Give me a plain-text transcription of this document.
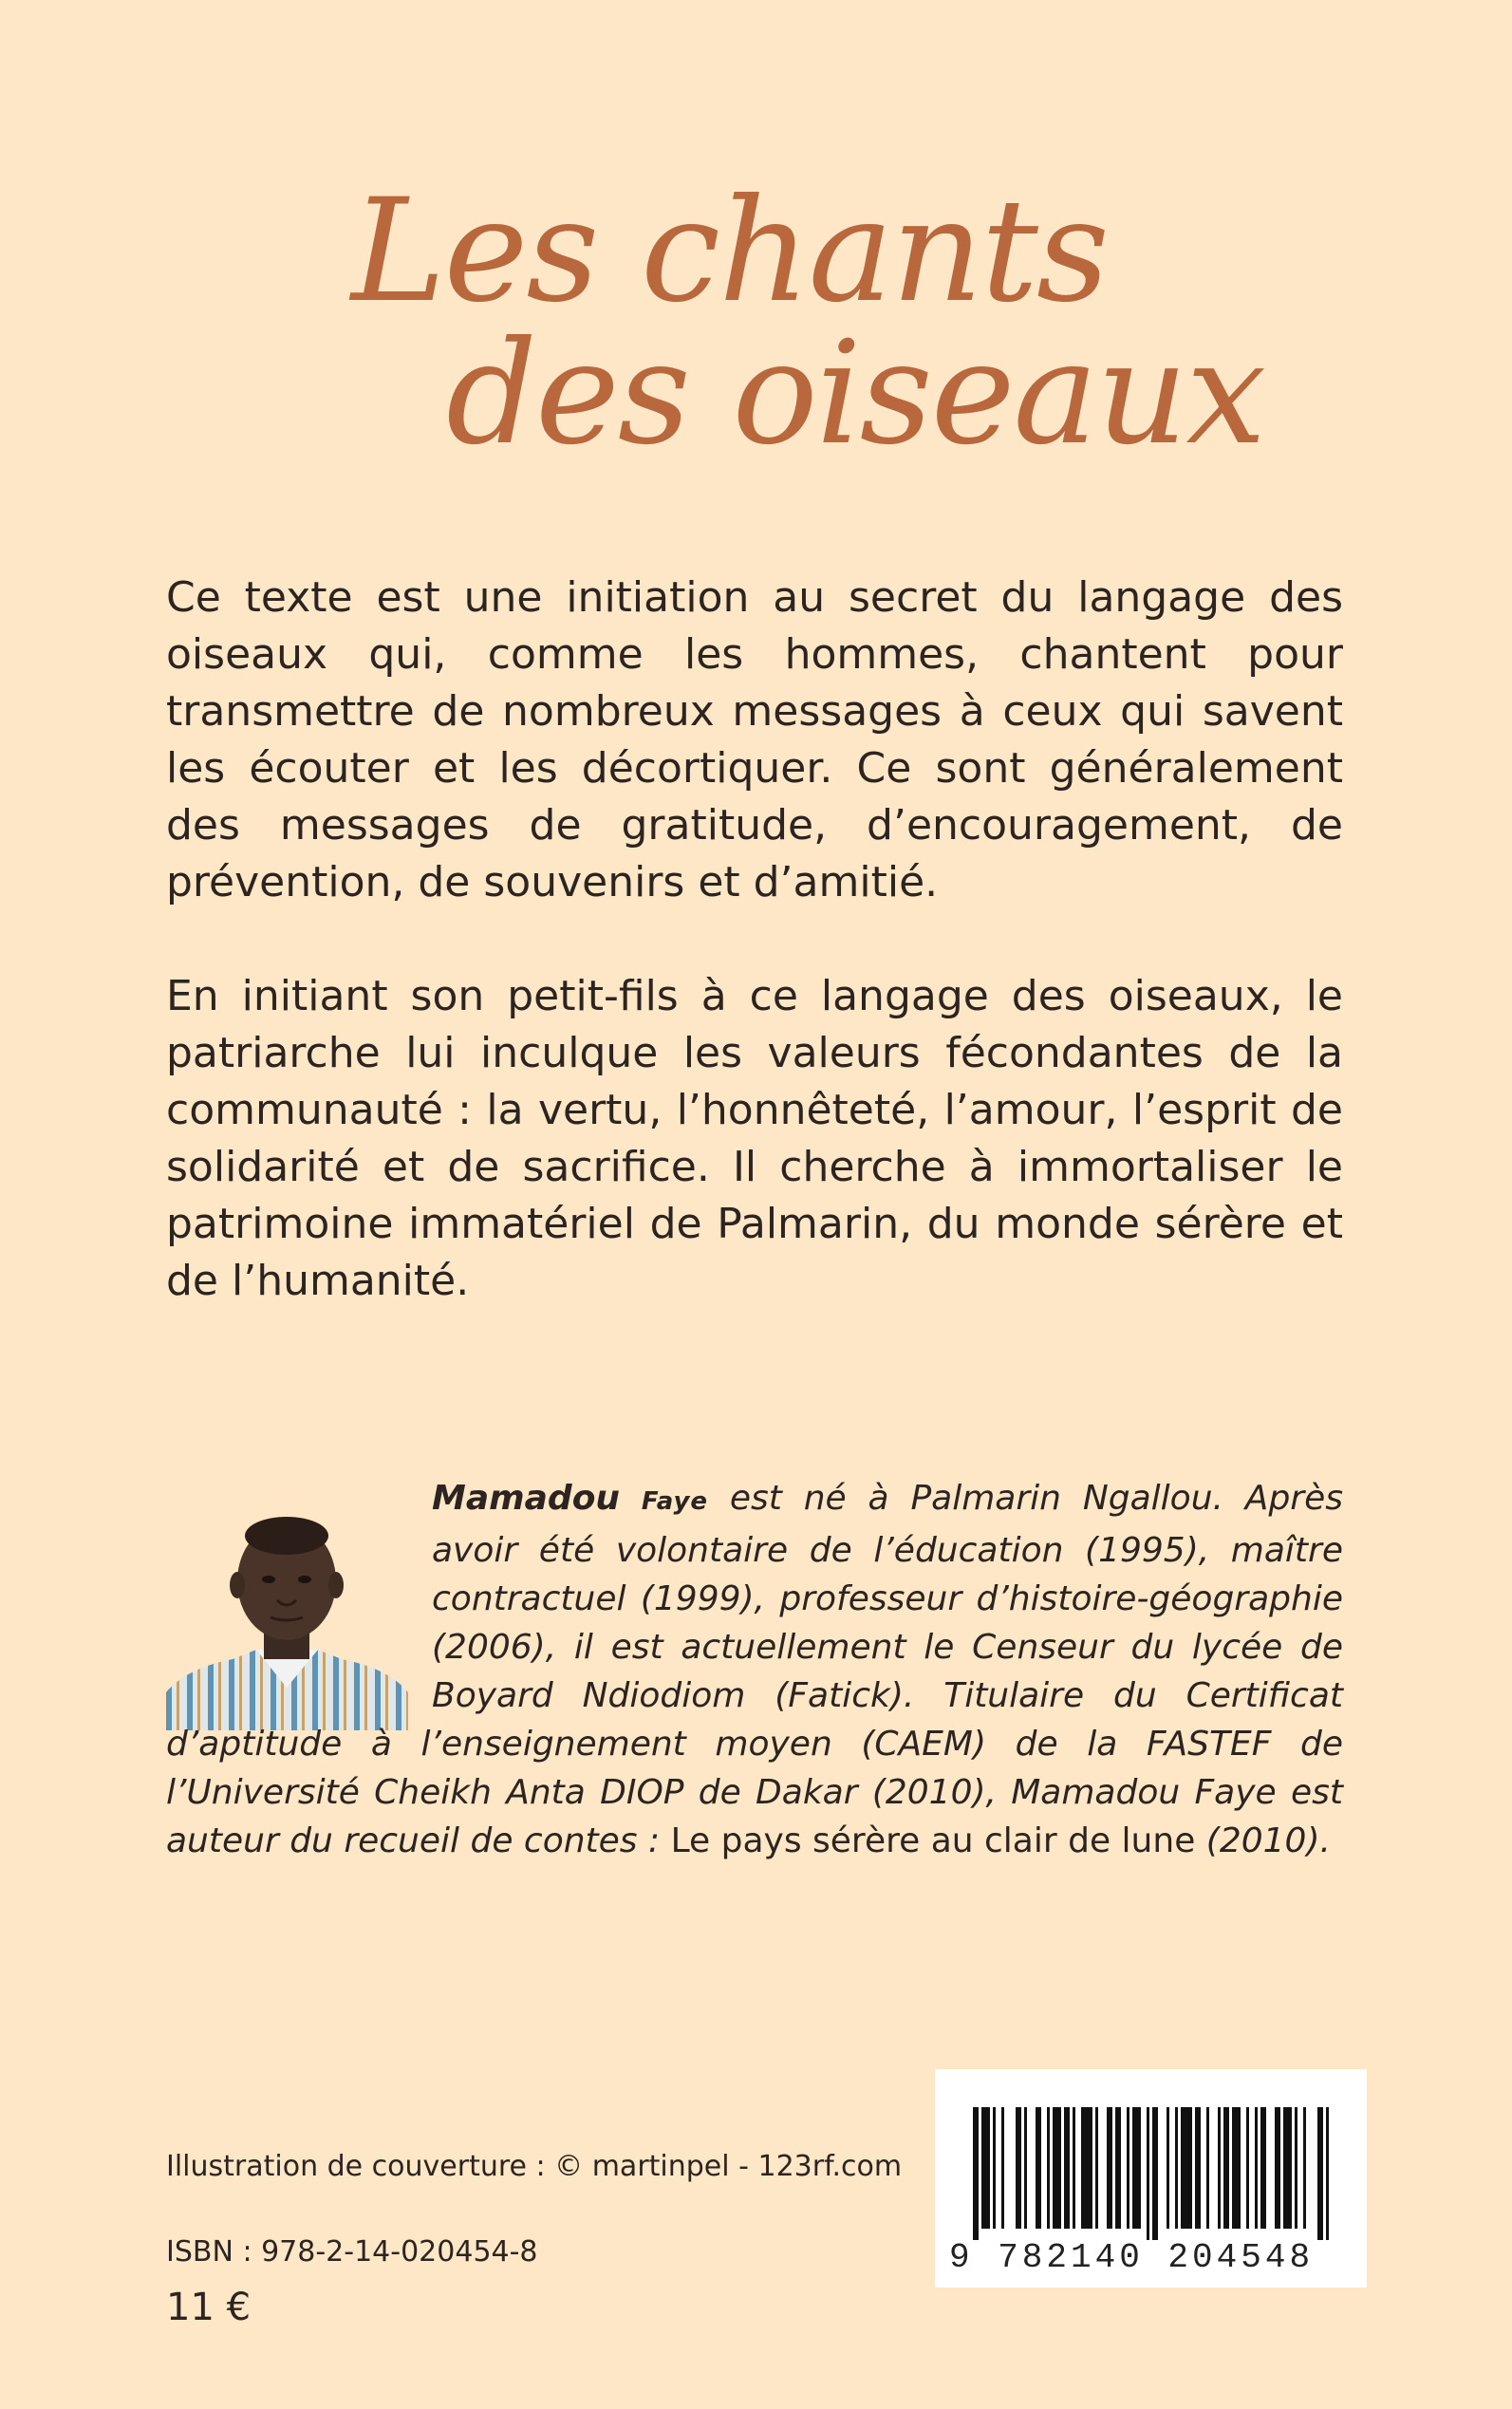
Les chants
des oiseaux

Ce texte est une initiation au secret du langage des oiseaux qui, comme les hommes, chantent pour transmettre de nombreux messages à ceux qui savent les écouter et les décortiquer. Ce sont généralement des messages de gratitude, d’encouragement, de prévention, de souvenirs et d’amitié.

En initiant son petit-fils à ce langage des oiseaux, le patriarche lui inculque les valeurs fécondantes de la communauté : la vertu, l’honnêteté, l’amour, l’esprit de solidarité et de sacrifice. Il cherche à immortaliser le patrimoine immatériel de Palmarin, du monde sérère et de l’humanité.

Mamadou Faye est né à Palmarin Ngallou. Après avoir été volontaire de l’éducation (1995), maître contractuel (1999), professeur d’histoire-géographie (2006), il est actuellement le Censeur du lycée de Boyard Ndiodiom (Fatick). Titulaire du Certificat d’aptitude à l’enseignement moyen (CAEM) de la FASTEF de l’Université Cheikh Anta DIOP de Dakar (2010), Mamadou Faye est auteur du recueil de contes : Le pays sérère au clair de lune (2010).

Illustration de couverture : © martinpel - 123rf.com

ISBN : 978-2-14-020454-8

11 €

9 782140 204548
